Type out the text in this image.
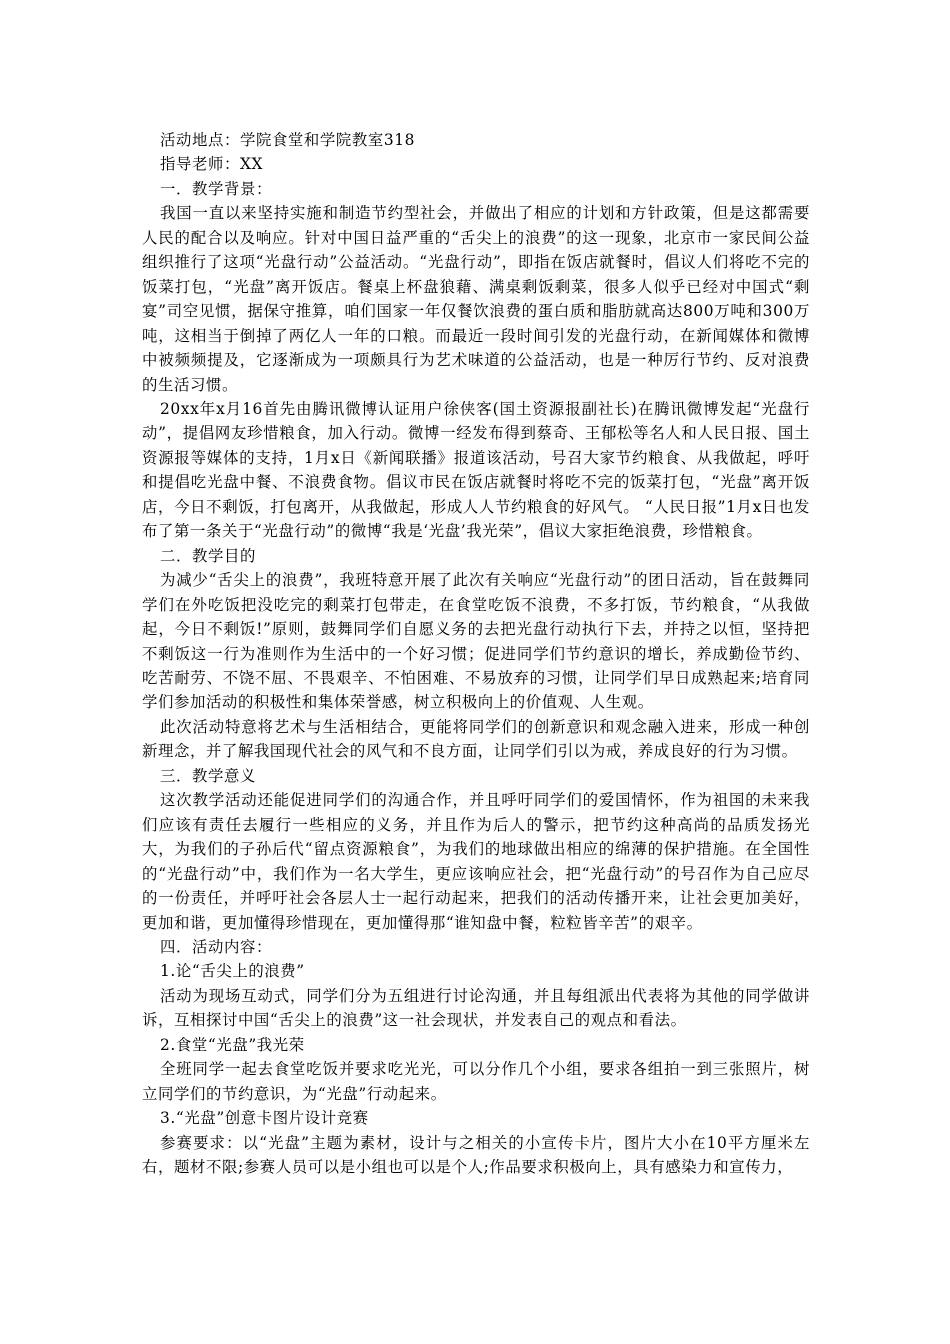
活动地点：学院食堂和学院教室318

指导老师：XX

一．教学背景：

我国一直以来坚持实施和制造节约型社会，并做出了相应的计划和方针政策，但是这都需要人民的配合以及响应。针对中国日益严重的“舌尖上的浪费”的这一现象，北京市一家民间公益组织推行了这项“光盘行动”公益活动。“光盘行动”，即指在饭店就餐时，倡议人们将吃不完的饭菜打包，“光盘”离开饭店。餐桌上杯盘狼藉、满桌剩饭剩菜，很多人似乎已经对中国式“剩宴”司空见惯，据保守推算，咱们国家一年仅餐饮浪费的蛋白质和脂肪就高达800万吨和300万吨，这相当于倒掉了两亿人一年的口粮。而最近一段时间引发的光盘行动，在新闻媒体和微博中被频频提及，它逐渐成为一项颇具行为艺术味道的公益活动，也是一种厉行节约、反对浪费的生活习惯。

20xx年x月16首先由腾讯微博认证用户徐侠客(国土资源报副社长)在腾讯微博发起“光盘行动”，提倡网友珍惜粮食，加入行动。微博一经发布得到蔡奇、王郁松等名人和人民日报、国土资源报等媒体的支持，1月x日《新闻联播》报道该活动，号召大家节约粮食、从我做起，呼吁和提倡吃光盘中餐、不浪费食物。倡议市民在饭店就餐时将吃不完的饭菜打包，“光盘”离开饭店，今日不剩饭，打包离开，从我做起，形成人人节约粮食的好风气。 “人民日报”1月x日也发布了第一条关于“光盘行动”的微博“我是‘光盘’我光荣”，倡议大家拒绝浪费，珍惜粮食。

二．教学目的

为减少“舌尖上的浪费”，我班特意开展了此次有关响应“光盘行动”的团日活动，旨在鼓舞同学们在外吃饭把没吃完的剩菜打包带走，在食堂吃饭不浪费，不多打饭，节约粮食，“从我做起，今日不剩饭!”原则，鼓舞同学们自愿义务的去把光盘行动执行下去，并持之以恒，坚持把不剩饭这一行为准则作为生活中的一个好习惯；促进同学们节约意识的增长，养成勤俭节约、吃苦耐劳、不饶不屈、不畏艰辛、不怕困难、不易放弃的习惯，让同学们早日成熟起来;培育同学们参加活动的积极性和集体荣誉感，树立积极向上的价值观、人生观。

此次活动特意将艺术与生活相结合，更能将同学们的创新意识和观念融入进来，形成一种创新理念，并了解我国现代社会的风气和不良方面，让同学们引以为戒，养成良好的行为习惯。

三．教学意义

这次教学活动还能促进同学们的沟通合作，并且呼吁同学们的爱国情怀，作为祖国的未来我们应该有责任去履行一些相应的义务，并且作为后人的警示，把节约这种高尚的品质发扬光大，为我们的子孙后代“留点资源粮食”，为我们的地球做出相应的绵薄的保护措施。在全国性的“光盘行动”中，我们作为一名大学生，更应该响应社会，把“光盘行动”的号召作为自己应尽的一份责任，并呼吁社会各层人士一起行动起来，把我们的活动传播开来，让社会更加美好，更加和谐，更加懂得珍惜现在，更加懂得那“谁知盘中餐，粒粒皆辛苦”的艰辛。

四．活动内容：

1.论“舌尖上的浪费”

活动为现场互动式，同学们分为五组进行讨论沟通，并且每组派出代表将为其他的同学做讲诉，互相探讨中国“舌尖上的浪费”这一社会现状，并发表自己的观点和看法。

2.食堂“光盘”我光荣

全班同学一起去食堂吃饭并要求吃光光，可以分作几个小组，要求各组拍一到三张照片，树立同学们的节约意识，为“光盘”行动起来。

3.“光盘”创意卡图片设计竞赛

参赛要求：以“光盘”主题为素材，设计与之相关的小宣传卡片，图片大小在10平方厘米左右，题材不限;参赛人员可以是小组也可以是个人;作品要求积极向上，具有感染力和宣传力，
